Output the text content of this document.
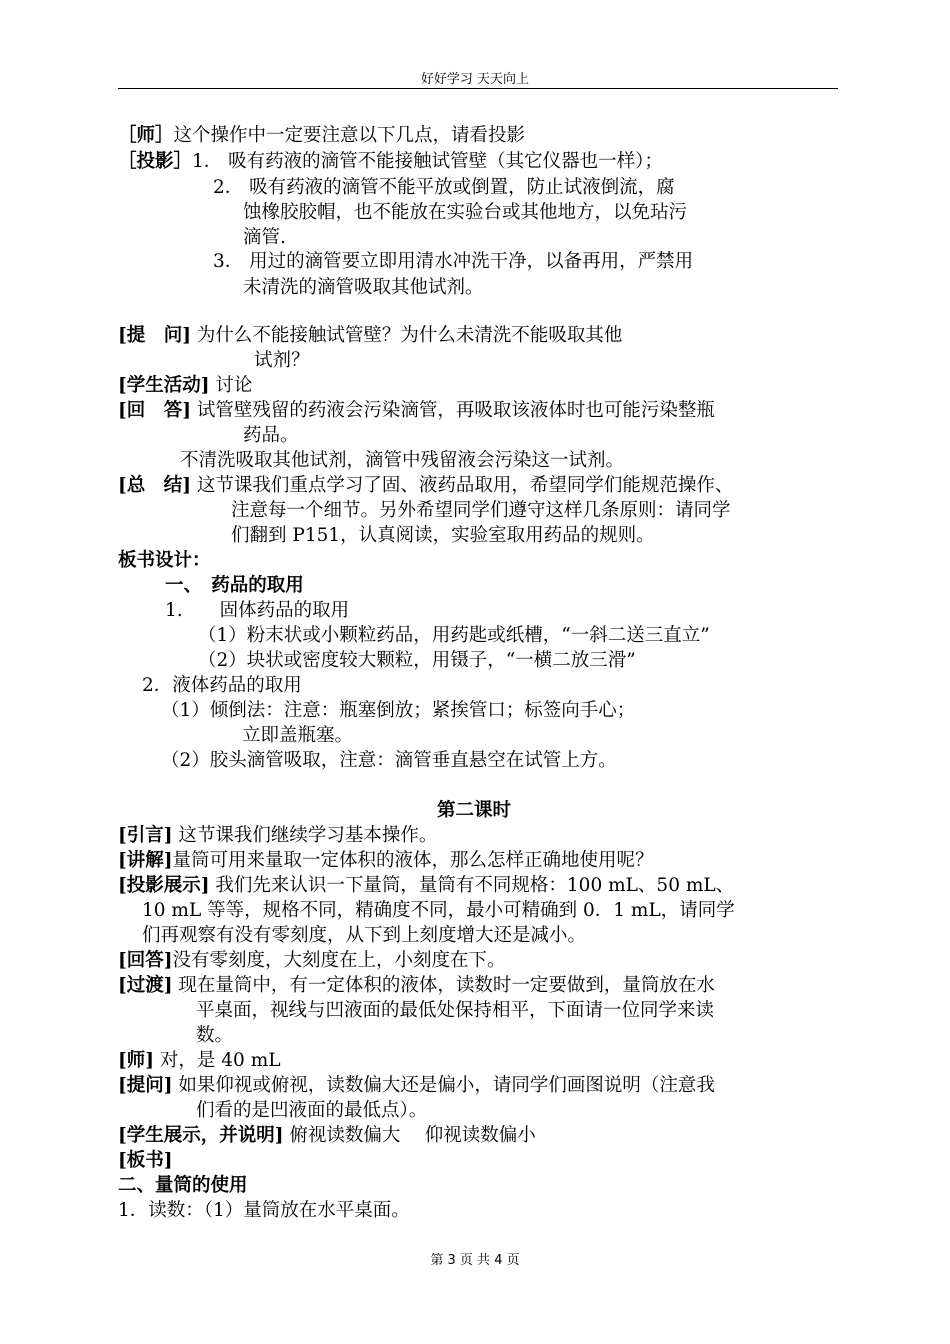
好好学习 天天向上
［师］这个操作中一定要注意以下几点，请看投影
［投影］1． 吸有药液的滴管不能接触试管壁（其它仪器也一样）；
2． 吸有药液的滴管不能平放或倒置，防止试液倒流，腐
蚀橡胶胶帽，也不能放在实验台或其他地方，以免玷污
滴管.
3． 用过的滴管要立即用清水冲洗干净，以备再用，严禁用
未清洗的滴管吸取其他试剂。
[提　问] 为什么不能接触试管壁？为什么未清洗不能吸取其他
试剂？
[学生活动] 讨论
[回　答] 试管壁残留的药液会污染滴管，再吸取该液体时也可能污染整瓶
药品。
不清洗吸取其他试剂，滴管中残留液会污染这一试剂。
[总　结] 这节课我们重点学习了固、液药品取用，希望同学们能规范操作、
注意每一个细节。另外希望同学们遵守这样几条原则：请同学
们翻到 P151，认真阅读，实验室取用药品的规则。
板书设计：
一、　药品的取用
1.　　固体药品的取用
（1）粉末状或小颗粒药品，用药匙或纸槽，“一斜二送三直立”
（2）块状或密度较大颗粒，用镊子，“一横二放三滑”
2．液体药品的取用
（1）倾倒法：注意：瓶塞倒放；紧挨管口；标签向手心；
立即盖瓶塞。
（2）胶头滴管吸取，注意：滴管垂直悬空在试管上方。
第二课时
[引言] 这节课我们继续学习基本操作。
[讲解]量筒可用来量取一定体积的液体，那么怎样正确地使用呢？
[投影展示] 我们先来认识一下量筒，量筒有不同规格：100 mL、50 mL、
10 mL 等等，规格不同，精确度不同，最小可精确到 0．1 mL，请同学
们再观察有没有零刻度，从下到上刻度增大还是减小。
[回答]没有零刻度，大刻度在上，小刻度在下。
[过渡] 现在量筒中，有一定体积的液体，读数时一定要做到，量筒放在水
平桌面，视线与凹液面的最低处保持相平，下面请一位同学来读
数。
[师] 对，是 40 mL
[提问] 如果仰视或俯视，读数偏大还是偏小，请同学们画图说明（注意我
们看的是凹液面的最低点）。
[学生展示，并说明] 俯视读数偏大　 仰视读数偏小
[板书]
二、量筒的使用
1．读数：（1）量筒放在水平桌面。
第 3 页 共 4 页
